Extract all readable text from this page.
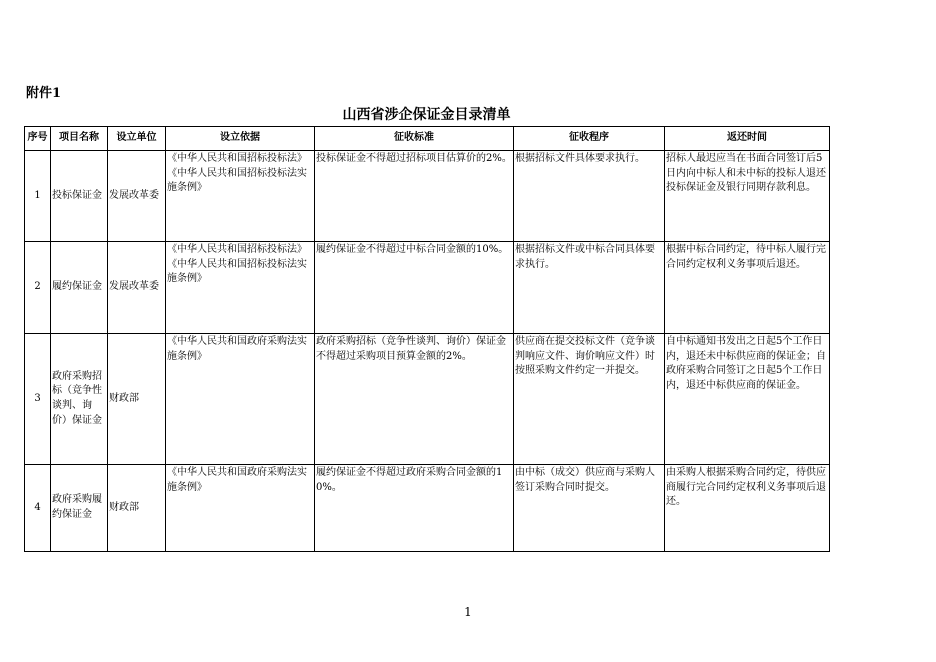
附件1
山西省涉企保证金目录清单
序号	项目名称	设立单位	设立依据	征收标准	征收程序	返还时间
1	投标保证金	发展改革委	《中华人民共和国招标投标法》
《中华人民共和国招标投标法实施条例》	投标保证金不得超过招标项目估算价的2%。	根据招标文件具体要求执行。	招标人最迟应当在书面合同签订后5日内向中标人和未中标的投标人退还投标保证金及银行同期存款利息。
2	履约保证金	发展改革委	《中华人民共和国招标投标法》
《中华人民共和国招标投标法实施条例》	履约保证金不得超过中标合同金额的10%。	根据招标文件或中标合同具体要求执行。	根据中标合同约定，待中标人履行完合同约定权利义务事项后退还。
3	政府采购招标（竞争性谈判、询价）保证金	财政部	《中华人民共和国政府采购法实施条例》	政府采购招标（竞争性谈判、询价）保证金不得超过采购项目预算金额的2%。	供应商在提交投标文件（竞争谈判响应文件、询价响应文件）时按照采购文件约定一并提交。	自中标通知书发出之日起5个工作日内，退还未中标供应商的保证金；自政府采购合同签订之日起5个工作日内，退还中标供应商的保证金。
4	政府采购履约保证金	财政部	《中华人民共和国政府采购法实施条例》	履约保证金不得超过政府采购合同金额的10%。	由中标（成交）供应商与采购人签订采购合同时提交。	由采购人根据采购合同约定，待供应商履行完合同约定权利义务事项后退还。
1
